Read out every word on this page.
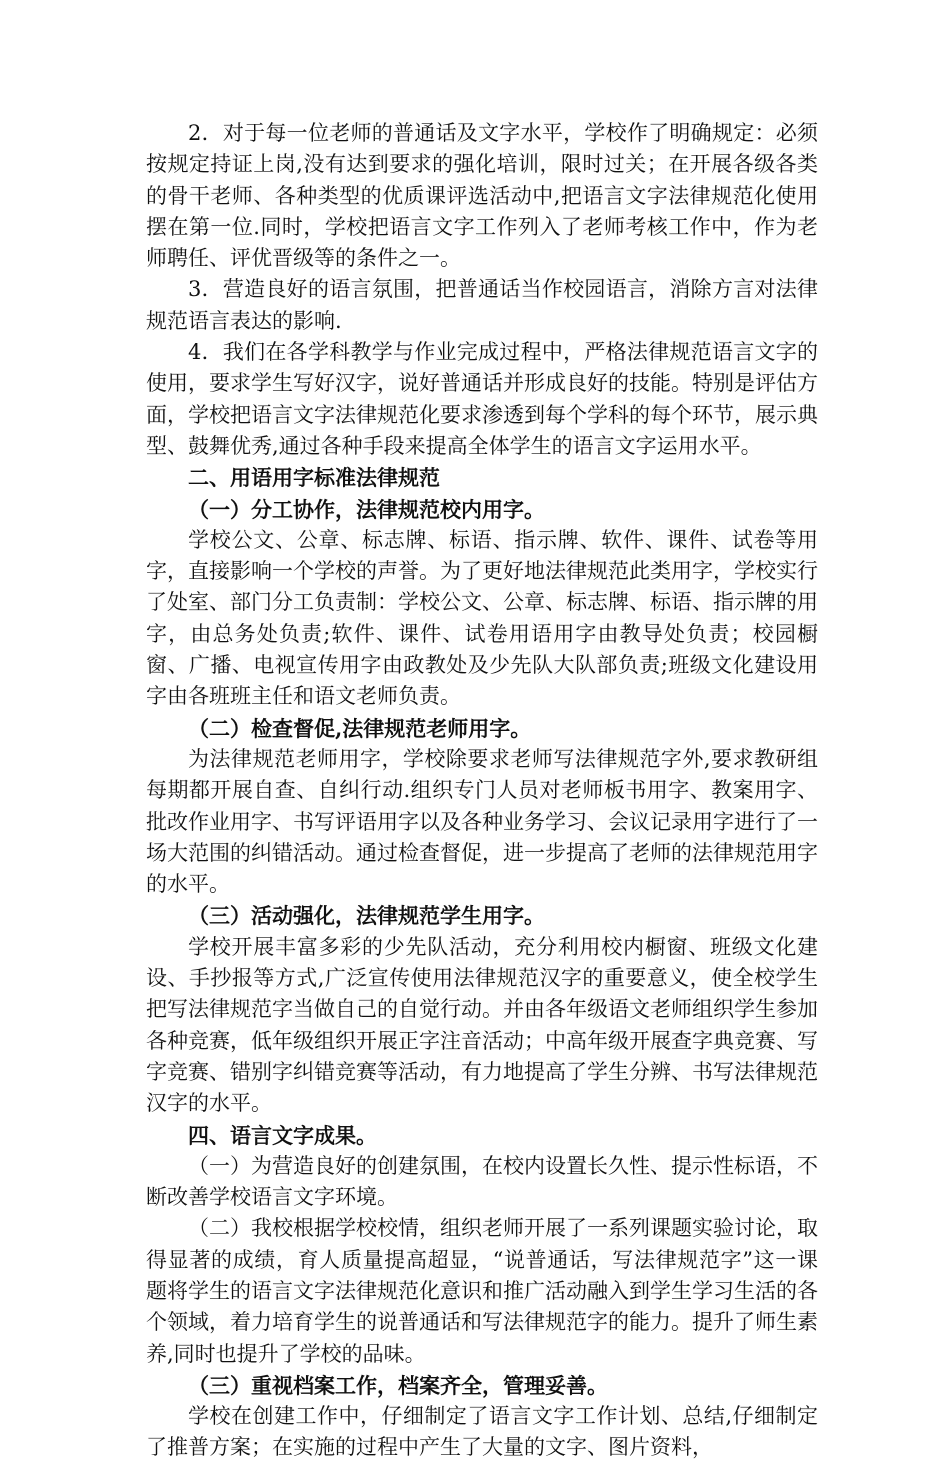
2．对于每一位老师的普通话及文字水平，学校作了明确规定：必须按规定持证上岗,没有达到要求的强化培训，限时过关；在开展各级各类的骨干老师、各种类型的优质课评选活动中,把语言文字法律规范化使用摆在第一位.同时，学校把语言文字工作列入了老师考核工作中，作为老师聘任、评优晋级等的条件之一。

3．营造良好的语言氛围，把普通话当作校园语言，消除方言对法律规范语言表达的影响.

4．我们在各学科教学与作业完成过程中，严格法律规范语言文字的使用，要求学生写好汉字，说好普通话并形成良好的技能。特别是评估方面，学校把语言文字法律规范化要求渗透到每个学科的每个环节，展示典型、鼓舞优秀,通过各种手段来提高全体学生的语言文字运用水平。

二、用语用字标准法律规范

（一）分工协作，法律规范校内用字。

学校公文、公章、标志牌、标语、指示牌、软件、课件、试卷等用字，直接影响一个学校的声誉。为了更好地法律规范此类用字，学校实行了处室、部门分工负责制：学校公文、公章、标志牌、标语、指示牌的用字，由总务处负责;软件、课件、试卷用语用字由教导处负责；校园橱窗、广播、电视宣传用字由政教处及少先队大队部负责;班级文化建设用字由各班班主任和语文老师负责。

（二）检查督促,法律规范老师用字。

为法律规范老师用字，学校除要求老师写法律规范字外,要求教研组每期都开展自查、自纠行动.组织专门人员对老师板书用字、教案用字、批改作业用字、书写评语用字以及各种业务学习、会议记录用字进行了一场大范围的纠错活动。通过检查督促，进一步提高了老师的法律规范用字的水平。

（三）活动强化，法律规范学生用字。

学校开展丰富多彩的少先队活动，充分利用校内橱窗、班级文化建设、手抄报等方式,广泛宣传使用法律规范汉字的重要意义，使全校学生把写法律规范字当做自己的自觉行动。并由各年级语文老师组织学生参加各种竞赛，低年级组织开展正字注音活动；中高年级开展查字典竞赛、写字竞赛、错别字纠错竞赛等活动，有力地提高了学生分辨、书写法律规范汉字的水平。

四、语言文字成果。

（一）为营造良好的创建氛围，在校内设置长久性、提示性标语，不断改善学校语言文字环境。

（二）我校根据学校校情，组织老师开展了一系列课题实验讨论，取得显著的成绩，育人质量提高超显，“说普通话，写法律规范字”这一课题将学生的语言文字法律规范化意识和推广活动融入到学生学习生活的各个领域，着力培育学生的说普通话和写法律规范字的能力。提升了师生素养,同时也提升了学校的品味。

（三）重视档案工作，档案齐全，管理妥善。

学校在创建工作中，仔细制定了语言文字工作计划、总结,仔细制定了推普方案；在实施的过程中产生了大量的文字、图片资料，
